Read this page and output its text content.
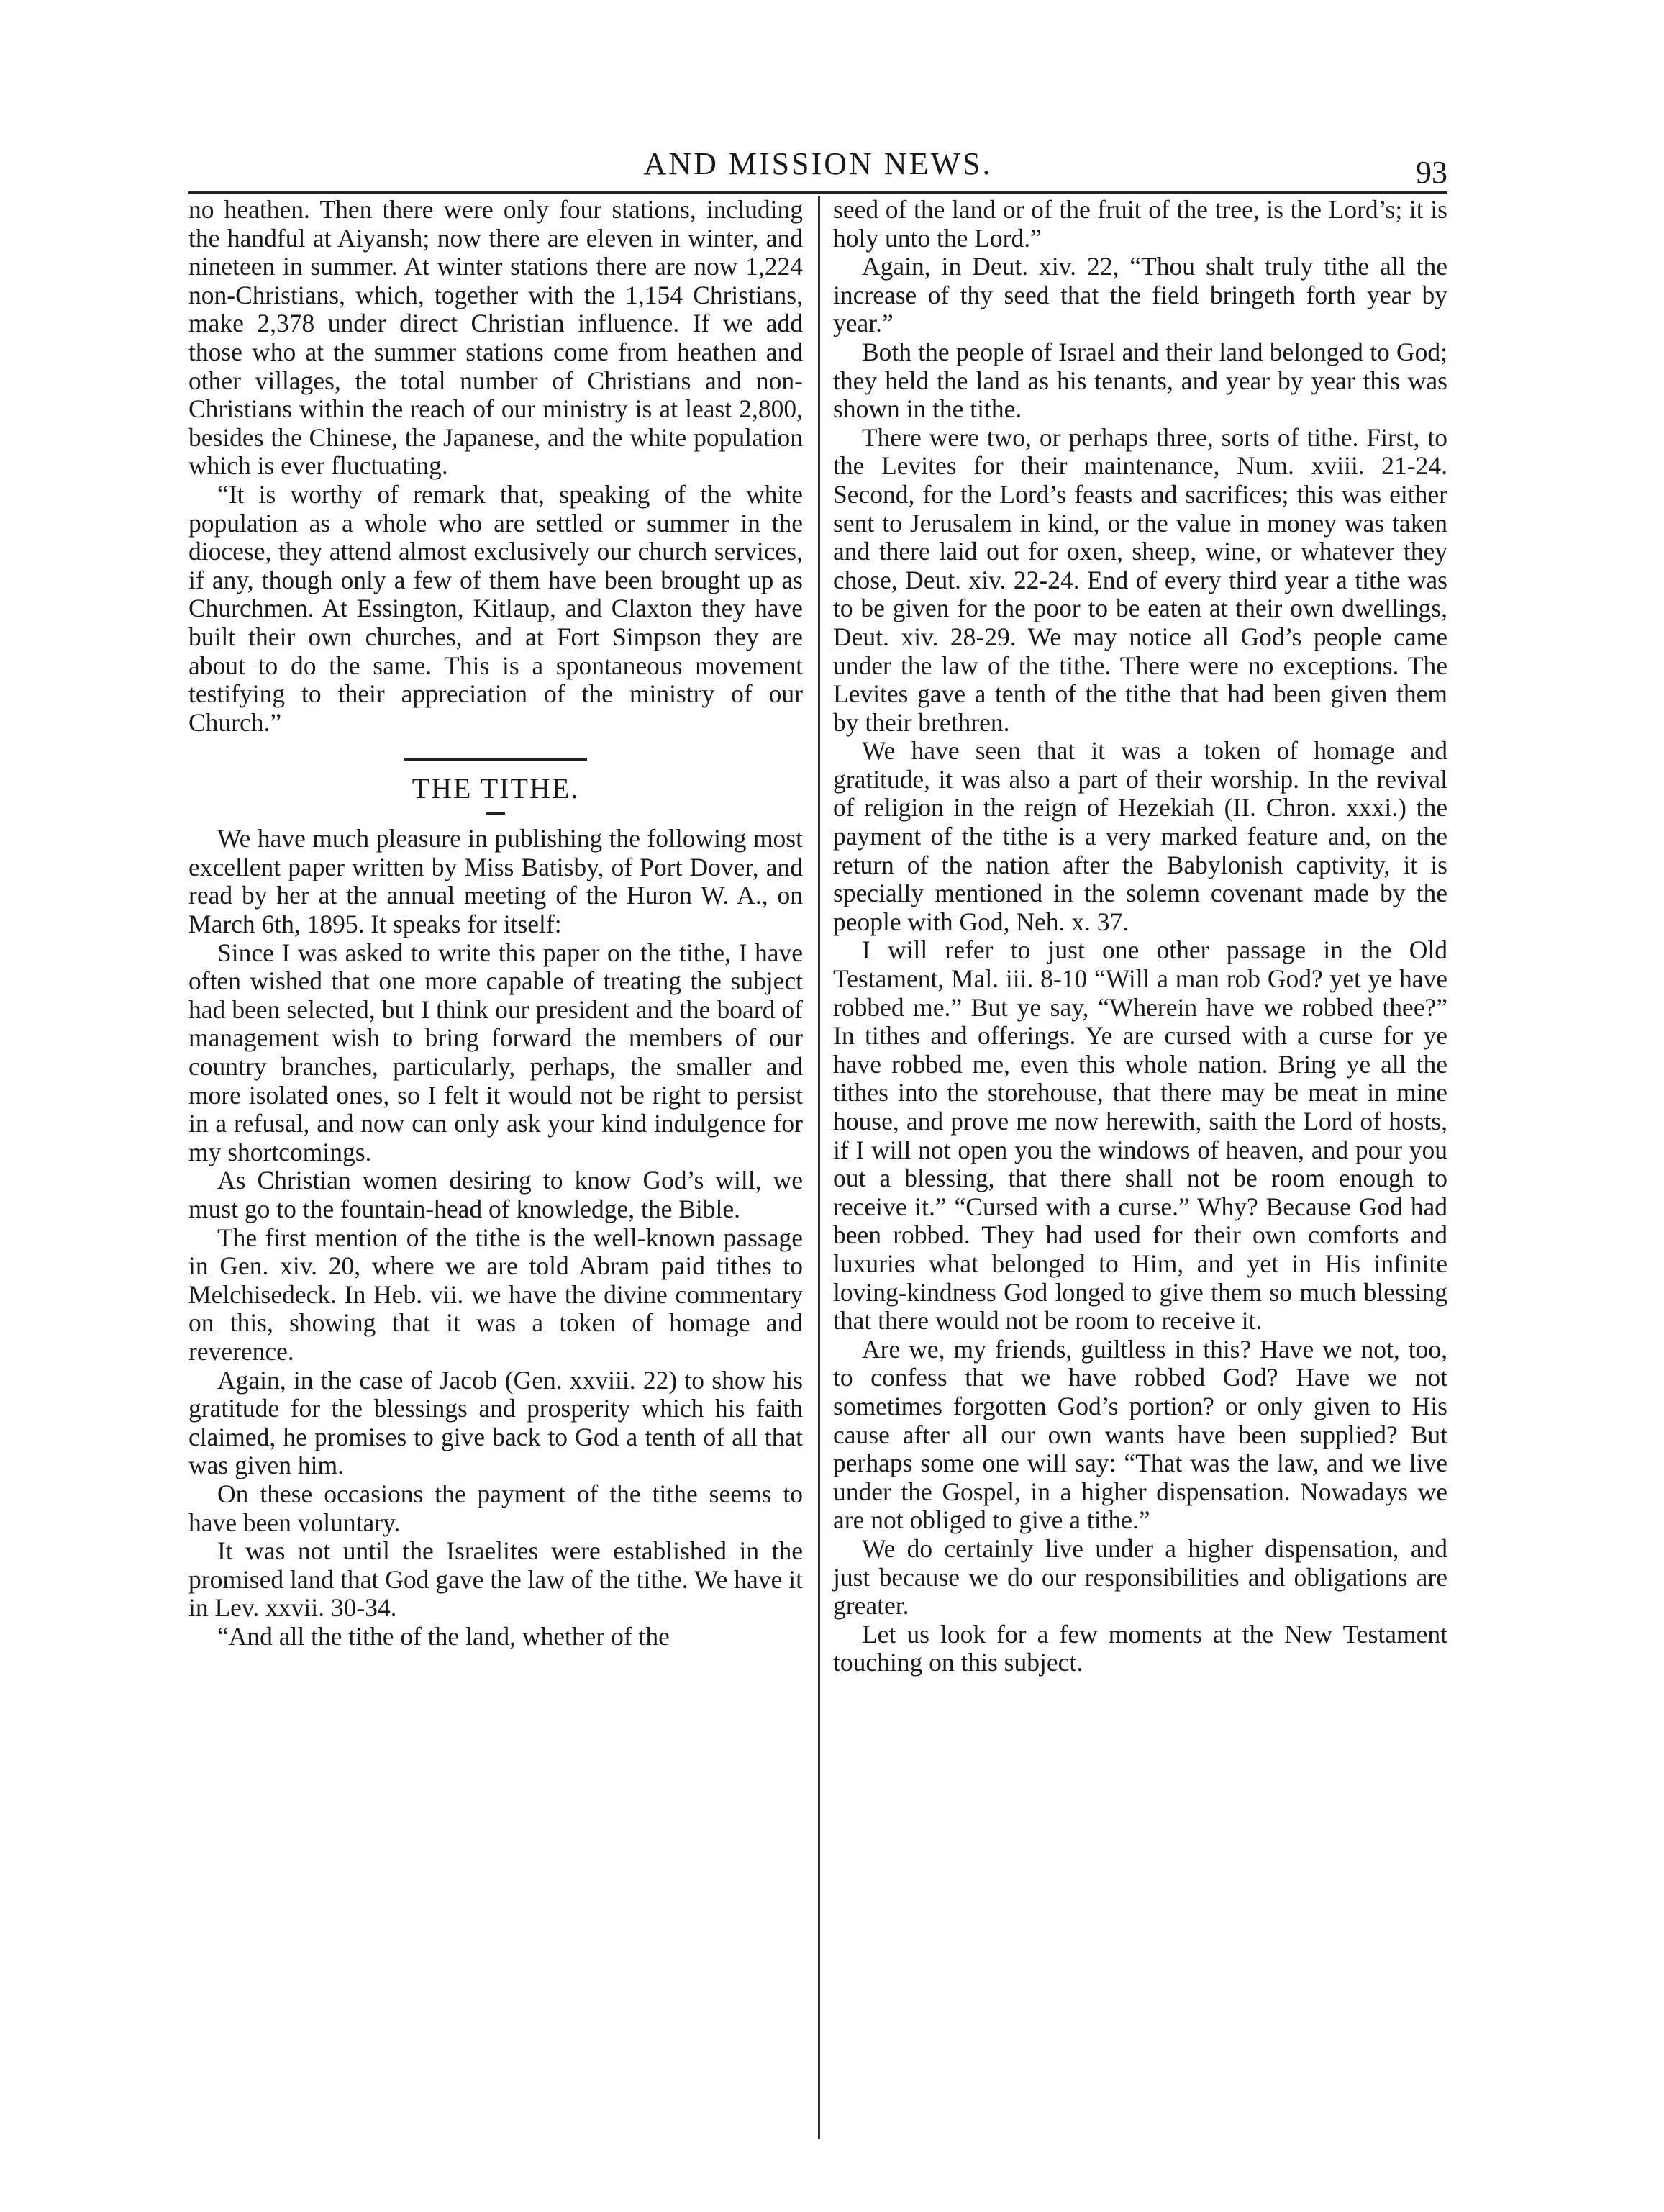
AND MISSION NEWS.	93

no heathen. Then there were only four stations, including the handful at Aiyansh; now there are eleven in winter, and nineteen in summer. At winter stations there are now 1,224 non-Christians, which, together with the 1,154 Christians, make 2,378 under direct Christian influence. If we add those who at the summer stations come from heathen and other villages, the total number of Christians and non-Christians within the reach of our ministry is at least 2,800, besides the Chinese, the Japanese, and the white population which is ever fluctuating.

“It is worthy of remark that, speaking of the white population as a whole who are settled or summer in the diocese, they attend almost exclusively our church services, if any, though only a few of them have been brought up as Churchmen. At Essington, Kitlaup, and Claxton they have built their own churches, and at Fort Simpson they are about to do the same. This is a spontaneous movement testifying to their appreciation of the ministry of our Church.”

THE TITHE.

We have much pleasure in publishing the following most excellent paper written by Miss Batisby, of Port Dover, and read by her at the annual meeting of the Huron W. A., on March 6th, 1895. It speaks for itself:

Since I was asked to write this paper on the tithe, I have often wished that one more capable of treating the subject had been selected, but I think our president and the board of management wish to bring forward the members of our country branches, particularly, perhaps, the smaller and more isolated ones, so I felt it would not be right to persist in a refusal, and now can only ask your kind indulgence for my shortcomings.

As Christian women desiring to know God’s will, we must go to the fountain-head of knowledge, the Bible.

The first mention of the tithe is the well-known passage in Gen. xiv. 20, where we are told Abram paid tithes to Melchisedeck. In Heb. vii. we have the divine commentary on this, showing that it was a token of homage and reverence.

Again, in the case of Jacob (Gen. xxviii. 22) to show his gratitude for the blessings and prosperity which his faith claimed, he promises to give back to God a tenth of all that was given him.

On these occasions the payment of the tithe seems to have been voluntary.

It was not until the Israelites were established in the promised land that God gave the law of the tithe. We have it in Lev. xxvii. 30-34.

“And all the tithe of the land, whether of the

seed of the land or of the fruit of the tree, is the Lord’s; it is holy unto the Lord.”

Again, in Deut. xiv. 22, “Thou shalt truly tithe all the increase of thy seed that the field bringeth forth year by year.”

Both the people of Israel and their land belonged to God; they held the land as his tenants, and year by year this was shown in the tithe.

There were two, or perhaps three, sorts of tithe. First, to the Levites for their maintenance, Num. xviii. 21-24. Second, for the Lord’s feasts and sacrifices; this was either sent to Jerusalem in kind, or the value in money was taken and there laid out for oxen, sheep, wine, or whatever they chose, Deut. xiv. 22-24. End of every third year a tithe was to be given for the poor to be eaten at their own dwellings, Deut. xiv. 28-29. We may notice all God’s people came under the law of the tithe. There were no exceptions. The Levites gave a tenth of the tithe that had been given them by their brethren.

We have seen that it was a token of homage and gratitude, it was also a part of their worship. In the revival of religion in the reign of Hezekiah (II. Chron. xxxi.) the payment of the tithe is a very marked feature and, on the return of the nation after the Babylonish captivity, it is specially mentioned in the solemn covenant made by the people with God, Neh. x. 37.

I will refer to just one other passage in the Old Testament, Mal. iii. 8-10 “Will a man rob God? yet ye have robbed me.” But ye say, “Wherein have we robbed thee?” In tithes and offerings. Ye are cursed with a curse for ye have robbed me, even this whole nation. Bring ye all the tithes into the storehouse, that there may be meat in mine house, and prove me now herewith, saith the Lord of hosts, if I will not open you the windows of heaven, and pour you out a blessing, that there shall not be room enough to receive it.” “Cursed with a curse.” Why? Because God had been robbed. They had used for their own comforts and luxuries what belonged to Him, and yet in His infinite loving-kindness God longed to give them so much blessing that there would not be room to receive it.

Are we, my friends, guiltless in this? Have we not, too, to confess that we have robbed God? Have we not sometimes forgotten God’s portion? or only given to His cause after all our own wants have been supplied? But perhaps some one will say: “That was the law, and we live under the Gospel, in a higher dispensation. Nowadays we are not obliged to give a tithe.”

We do certainly live under a higher dispensation, and just because we do our responsibilities and obligations are greater.

Let us look for a few moments at the New Testament touching on this subject.
